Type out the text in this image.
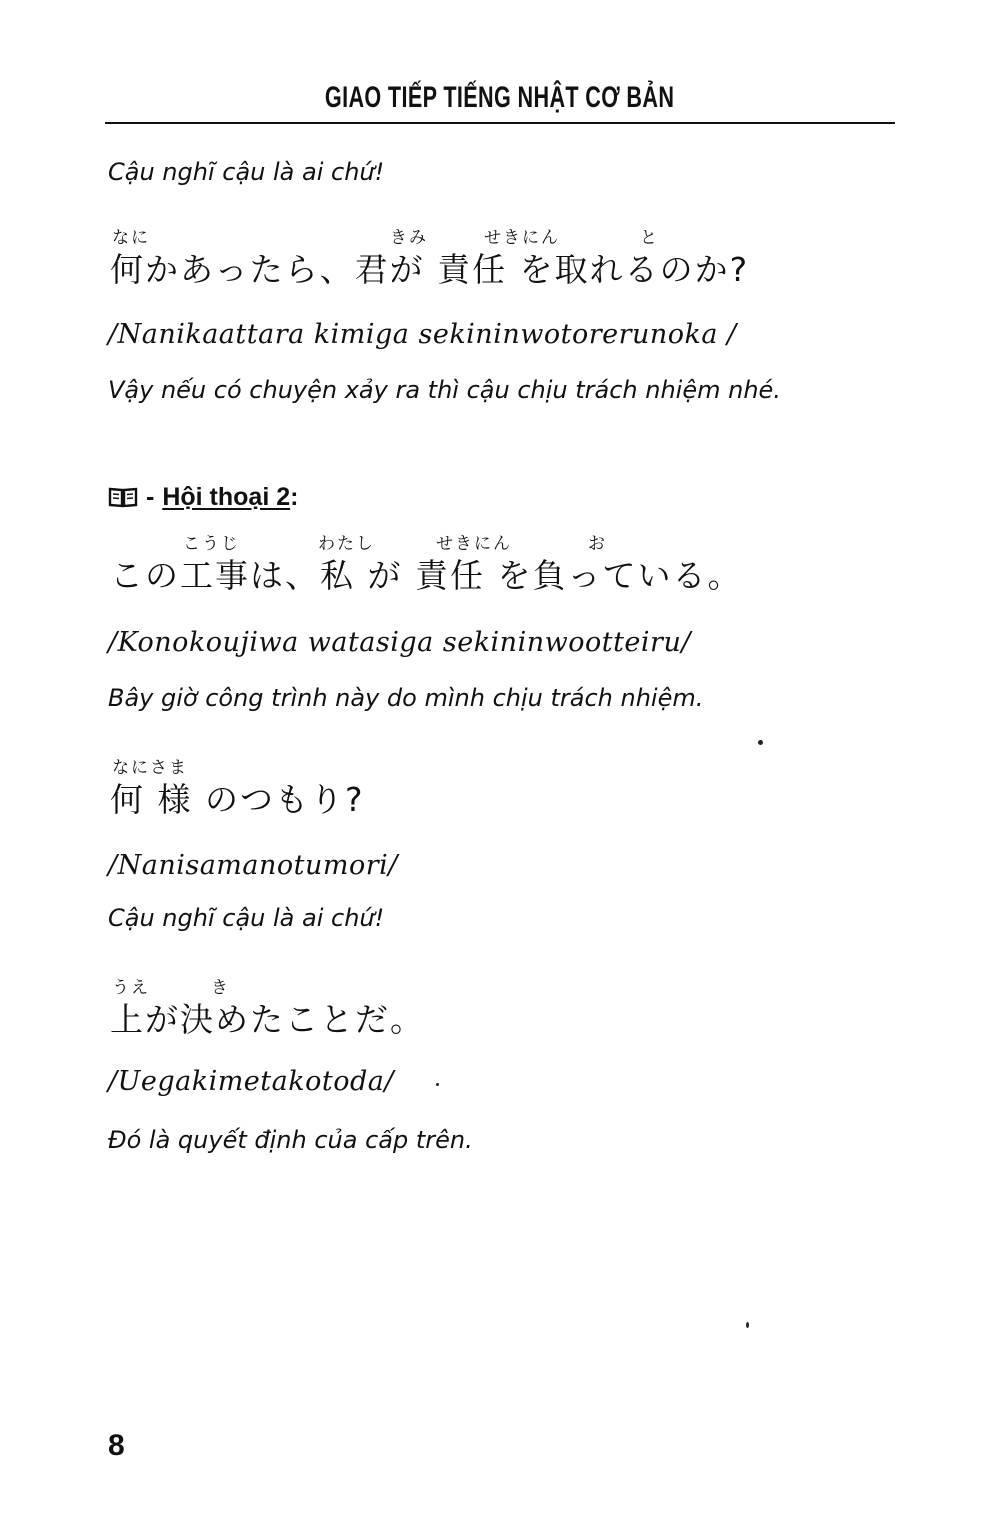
GIAO TIẾP TIẾNG NHẬT CƠ BẢN
Cậu nghĩ cậu là ai chứ!
なに	きみ	せきにん	と
何かあったら、君が 責任 を取れるのか?
/Nanikaattara kimiga sekininwotorerunoka /
Vậy nếu có chuyện xảy ra thì cậu chịu trách nhiệm nhé.
- Hội thoại 2 :
こうじ	わたし	せきにん	お
この工事は、私 が 責任 を負っている。
/Konokoujiwa watasiga sekininwootteiru/
Bây giờ công trình này do mình chịu trách nhiệm.
なにさま
何 様 のつもり?
/Nanisamanotumori/
Cậu nghĩ cậu là ai chứ!
うえ	き
上が決めたことだ。
/Uegakimetakotoda/
Đó là quyết định của cấp trên.
8
